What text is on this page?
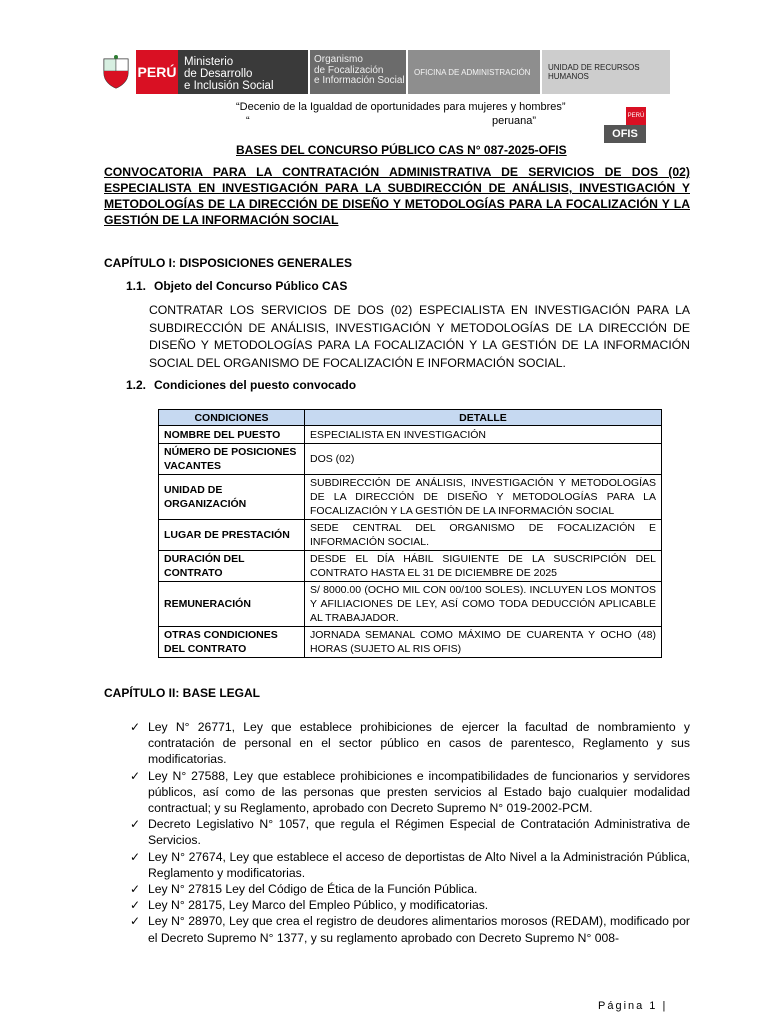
PERÚ
Ministerio
de Desarrollo
e Inclusión Social
Organismo
de Focalización
e Información Social
OFICINA DE ADMINISTRACIÓN	UNIDAD DE RECURSOS HUMANOS
“Decenio de la Igualdad de oportunidades para mujeres y hombres”
“	peruana”	PERÚ
OFIS
BASES DEL CONCURSO PÚBLICO CAS N° 087-2025-OFIS
CONVOCATORIA PARA LA CONTRATACIÓN ADMINISTRATIVA DE SERVICIOS DE DOS (02) ESPECIALISTA EN INVESTIGACIÓN PARA LA SUBDIRECCIÓN DE ANÁLISIS, INVESTIGACIÓN Y METODOLOGÍAS DE LA DIRECCIÓN DE DISEÑO Y METODOLOGÍAS PARA LA FOCALIZACIÓN Y LA GESTIÓN DE LA INFORMACIÓN SOCIAL
CAPÍTULO I: DISPOSICIONES GENERALES
1.1. Objeto del Concurso Público CAS
CONTRATAR LOS SERVICIOS DE DOS (02) ESPECIALISTA EN INVESTIGACIÓN PARA LA SUBDIRECCIÓN DE ANÁLISIS, INVESTIGACIÓN Y METODOLOGÍAS DE LA DIRECCIÓN DE DISEÑO Y METODOLOGÍAS PARA LA FOCALIZACIÓN Y LA GESTIÓN DE LA INFORMACIÓN SOCIAL DEL ORGANISMO DE FOCALIZACIÓN E INFORMACIÓN SOCIAL.
1.2. Condiciones del puesto convocado
CONDICIONES	DETALLE
NOMBRE DEL PUESTO	ESPECIALISTA EN INVESTIGACIÓN
NÚMERO DE POSICIONES VACANTES	DOS (02)
UNIDAD DE ORGANIZACIÓN	SUBDIRECCIÓN DE ANÁLISIS, INVESTIGACIÓN Y METODOLOGÍAS DE LA DIRECCIÓN DE DISEÑO Y METODOLOGÍAS PARA LA FOCALIZACIÓN Y LA GESTIÓN DE LA INFORMACIÓN SOCIAL
LUGAR DE PRESTACIÓN	SEDE CENTRAL DEL ORGANISMO DE FOCALIZACIÓN E INFORMACIÓN SOCIAL.
DURACIÓN DEL CONTRATO	DESDE EL DÍA HÁBIL SIGUIENTE DE LA SUSCRIPCIÓN DEL CONTRATO HASTA EL 31 DE DICIEMBRE DE 2025
REMUNERACIÓN	S/ 8000.00 (OCHO MIL CON 00/100 SOLES). INCLUYEN LOS MONTOS Y AFILIACIONES DE LEY, ASÍ COMO TODA DEDUCCIÓN APLICABLE AL TRABAJADOR.
OTRAS CONDICIONES DEL CONTRATO	JORNADA SEMANAL COMO MÁXIMO DE CUARENTA Y OCHO (48) HORAS (SUJETO AL RIS OFIS)
CAPÍTULO II: BASE LEGAL
✓ Ley N° 26771, Ley que establece prohibiciones de ejercer la facultad de nombramiento y contratación de personal en el sector público en casos de parentesco, Reglamento y sus modificatorias.
✓ Ley N° 27588, Ley que establece prohibiciones e incompatibilidades de funcionarios y servidores públicos, así como de las personas que presten servicios al Estado bajo cualquier modalidad contractual; y su Reglamento, aprobado con Decreto Supremo N° 019-2002-PCM.
✓ Decreto Legislativo N° 1057, que regula el Régimen Especial de Contratación Administrativa de Servicios.
✓ Ley N° 27674, Ley que establece el acceso de deportistas de Alto Nivel a la Administración Pública, Reglamento y modificatorias.
✓ Ley N° 27815 Ley del Código de Ética de la Función Pública.
✓ Ley N° 28175, Ley Marco del Empleo Público, y modificatorias.
✓ Ley N° 28970, Ley que crea el registro de deudores alimentarios morosos (REDAM), modificado por el Decreto Supremo N° 1377, y su reglamento aprobado con Decreto Supremo N° 008-
Página 1 |
